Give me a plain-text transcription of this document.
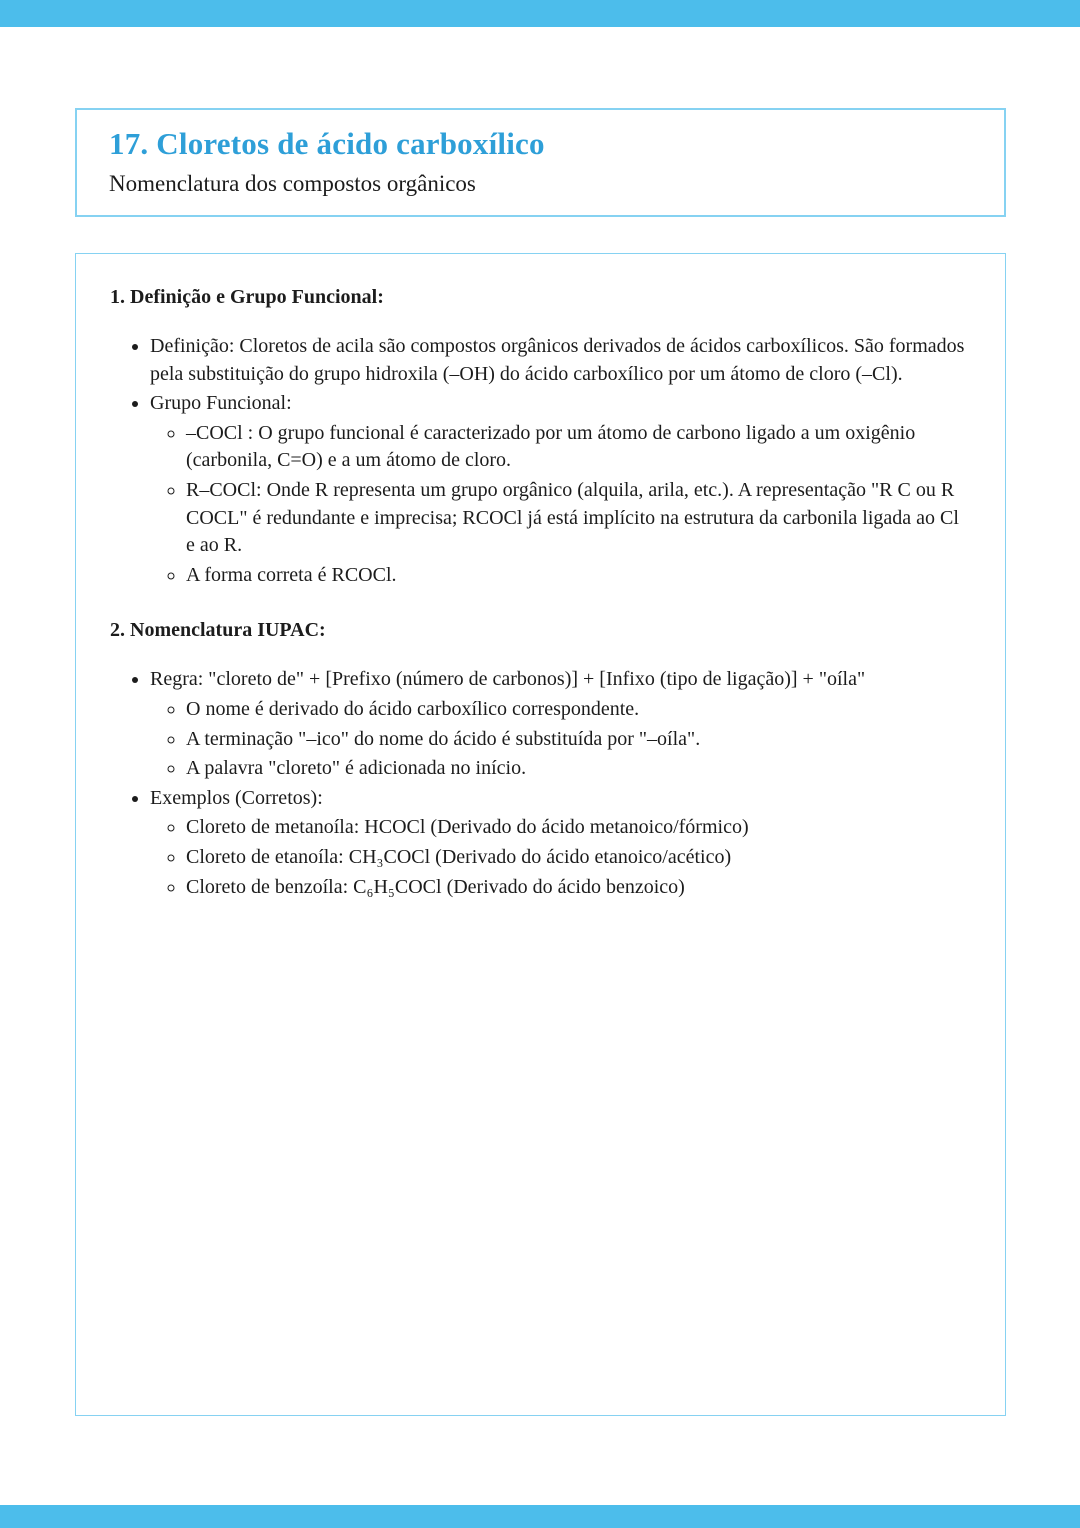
17. Cloretos de ácido carboxílico
Nomenclatura dos compostos orgânicos
1. Definição e Grupo Funcional:
• Definição: Cloretos de acila são compostos orgânicos derivados de ácidos carboxílicos. São formados pela substituição do grupo hidroxila (–OH) do ácido carboxílico por um átomo de cloro (–Cl).
• Grupo Funcional:
◦ –COCl : O grupo funcional é caracterizado por um átomo de carbono ligado a um oxigênio (carbonila, C=O) e a um átomo de cloro.
◦ R–COCl: Onde R representa um grupo orgânico (alquila, arila, etc.). A representação "R C ou R COCL" é redundante e imprecisa; RCOCl já está implícito na estrutura da carbonila ligada ao Cl e ao R.
◦ A forma correta é RCOCl.
2. Nomenclatura IUPAC:
• Regra: "cloreto de" + [Prefixo (número de carbonos)] + [Infixo (tipo de ligação)] + "oíla"
◦ O nome é derivado do ácido carboxílico correspondente.
◦ A terminação "–ico" do nome do ácido é substituída por "–oíla".
◦ A palavra "cloreto" é adicionada no início.
• Exemplos (Corretos):
◦ Cloreto de metanoíla: HCOCl (Derivado do ácido metanoico/fórmico)
◦ Cloreto de etanoíla: CH₃COCl (Derivado do ácido etanoico/acético)
◦ Cloreto de benzoíla: C₆H₅COCl (Derivado do ácido benzoico)
